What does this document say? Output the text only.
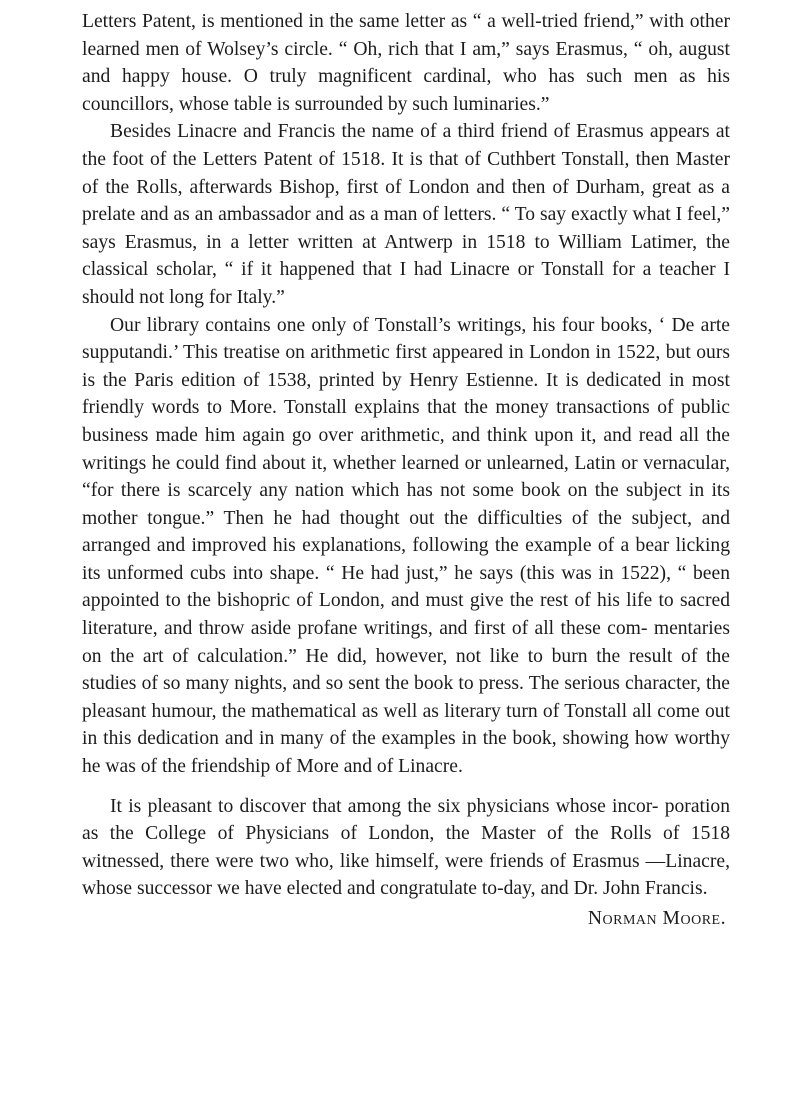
Letters Patent, is mentioned in the same letter as “ a well-tried friend,” with other learned men of Wolsey’s circle. “ Oh, rich that I am,” says Erasmus, “ oh, august and happy house. O truly magnificent cardinal, who has such men as his councillors, whose table is surrounded by such luminaries.”

Besides Linacre and Francis the name of a third friend of Erasmus appears at the foot of the Letters Patent of 1518. It is that of Cuthbert Tonstall, then Master of the Rolls, afterwards Bishop, first of London and then of Durham, great as a prelate and as an ambassador and as a man of letters. “ To say exactly what I feel,” says Erasmus, in a letter written at Antwerp in 1518 to William Latimer, the classical scholar, “ if it happened that I had Linacre or Tonstall for a teacher I should not long for Italy.”

Our library contains one only of Tonstall’s writings, his four books, ‘ De arte supputandi.’ This treatise on arithmetic first appeared in London in 1522, but ours is the Paris edition of 1538, printed by Henry Estienne. It is dedicated in most friendly words to More. Tonstall explains that the money transactions of public business made him again go over arithmetic, and think upon it, and read all the writings he could find about it, whether learned or unlearned, Latin or vernacular, “for there is scarcely any nation which has not some book on the subject in its mother tongue.” Then he had thought out the difficulties of the subject, and arranged and improved his explanations, following the example of a bear licking its unformed cubs into shape. “ He had just,” he says (this was in 1522), “ been appointed to the bishopric of London, and must give the rest of his life to sacred literature, and throw aside profane writings, and first of all these com- mentaries on the art of calculation.” He did, however, not like to burn the result of the studies of so many nights, and so sent the book to press. The serious character, the pleasant humour, the mathematical as well as literary turn of Tonstall all come out in this dedication and in many of the examples in the book, showing how worthy he was of the friendship of More and of Linacre.

It is pleasant to discover that among the six physicians whose incor- poration as the College of Physicians of London, the Master of the Rolls of 1518 witnessed, there were two who, like himself, were friends of Erasmus —Linacre, whose successor we have elected and congratulate to-day, and Dr. John Francis.

Norman Moore.
